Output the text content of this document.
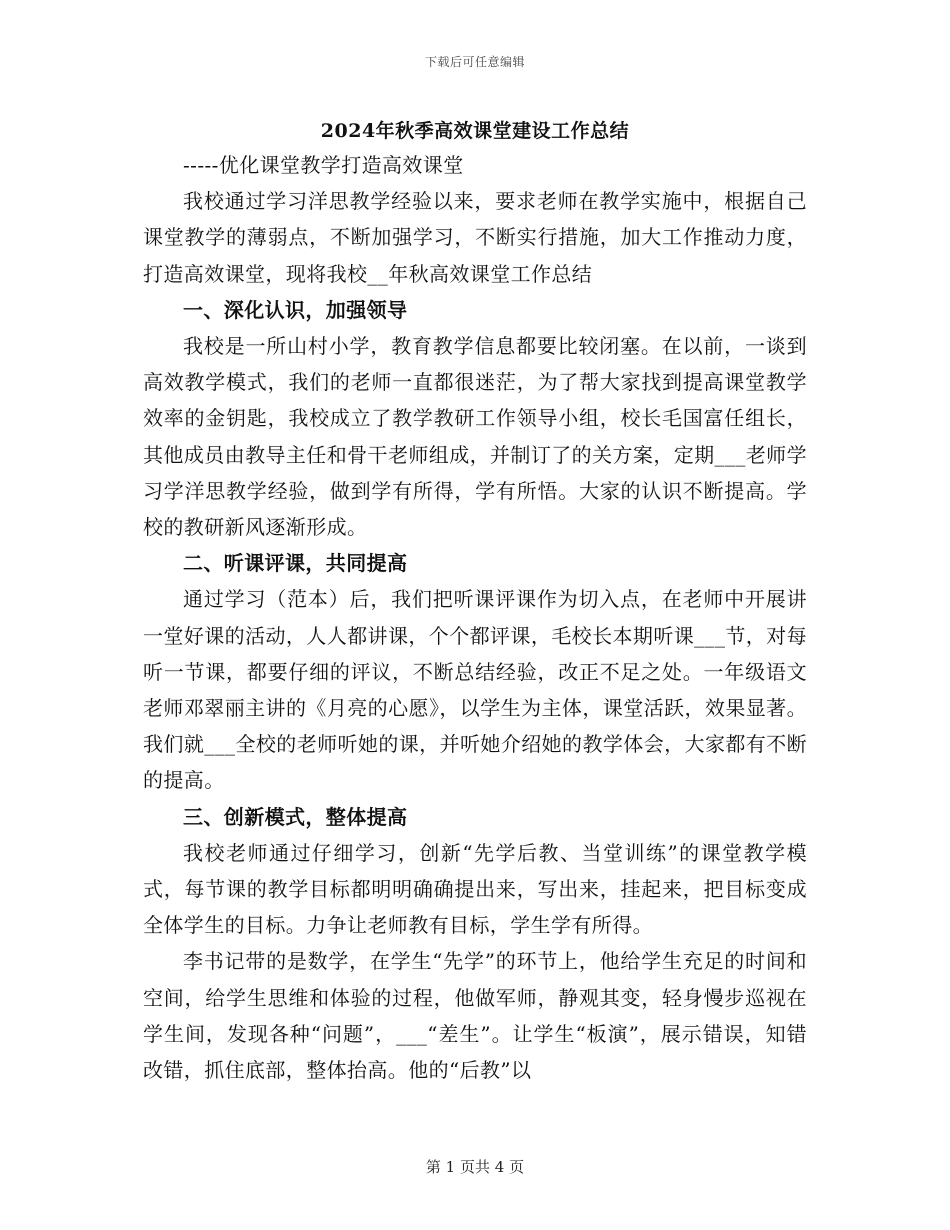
下载后可任意编辑
2024年秋季高效课堂建设工作总结

-----优化课堂教学打造高效课堂

我校通过学习洋思教学经验以来，要求老师在教学实施中，根据自己课堂教学的薄弱点，不断加强学习，不断实行措施，加大工作推动力度，打造高效课堂，现将我校__年秋高效课堂工作总结

一、深化认识，加强领导

我校是一所山村小学，教育教学信息都要比较闭塞。在以前，一谈到高效教学模式，我们的老师一直都很迷茫，为了帮大家找到提高课堂教学效率的金钥匙，我校成立了教学教研工作领导小组，校长毛国富任组长，其他成员由教导主任和骨干老师组成，并制订了的关方案，定期___老师学习学洋思教学经验，做到学有所得，学有所悟。大家的认识不断提高。学校的教研新风逐渐形成。

二、听课评课，共同提高

通过学习（范本）后，我们把听课评课作为切入点，在老师中开展讲一堂好课的活动，人人都讲课，个个都评课，毛校长本期听课___节，对每听一节课，都要仔细的评议，不断总结经验，改正不足之处。一年级语文老师邓翠丽主讲的《月亮的心愿》，以学生为主体，课堂活跃，效果显著。我们就___全校的老师听她的课，并听她介绍她的教学体会，大家都有不断的提高。

三、创新模式，整体提高

我校老师通过仔细学习，创新“先学后教、当堂训练”的课堂教学模式，每节课的教学目标都明明确确提出来，写出来，挂起来，把目标变成全体学生的目标。力争让老师教有目标，学生学有所得。

李书记带的是数学，在学生“先学”的环节上，他给学生充足的时间和空间，给学生思维和体验的过程，他做军师，静观其变，轻身慢步巡视在学生间，发现各种“问题”，___“差生”。让学生“板演”，展示错误，知错改错，抓住底部，整体抬高。他的“后教”以

第 1 页共 4 页
